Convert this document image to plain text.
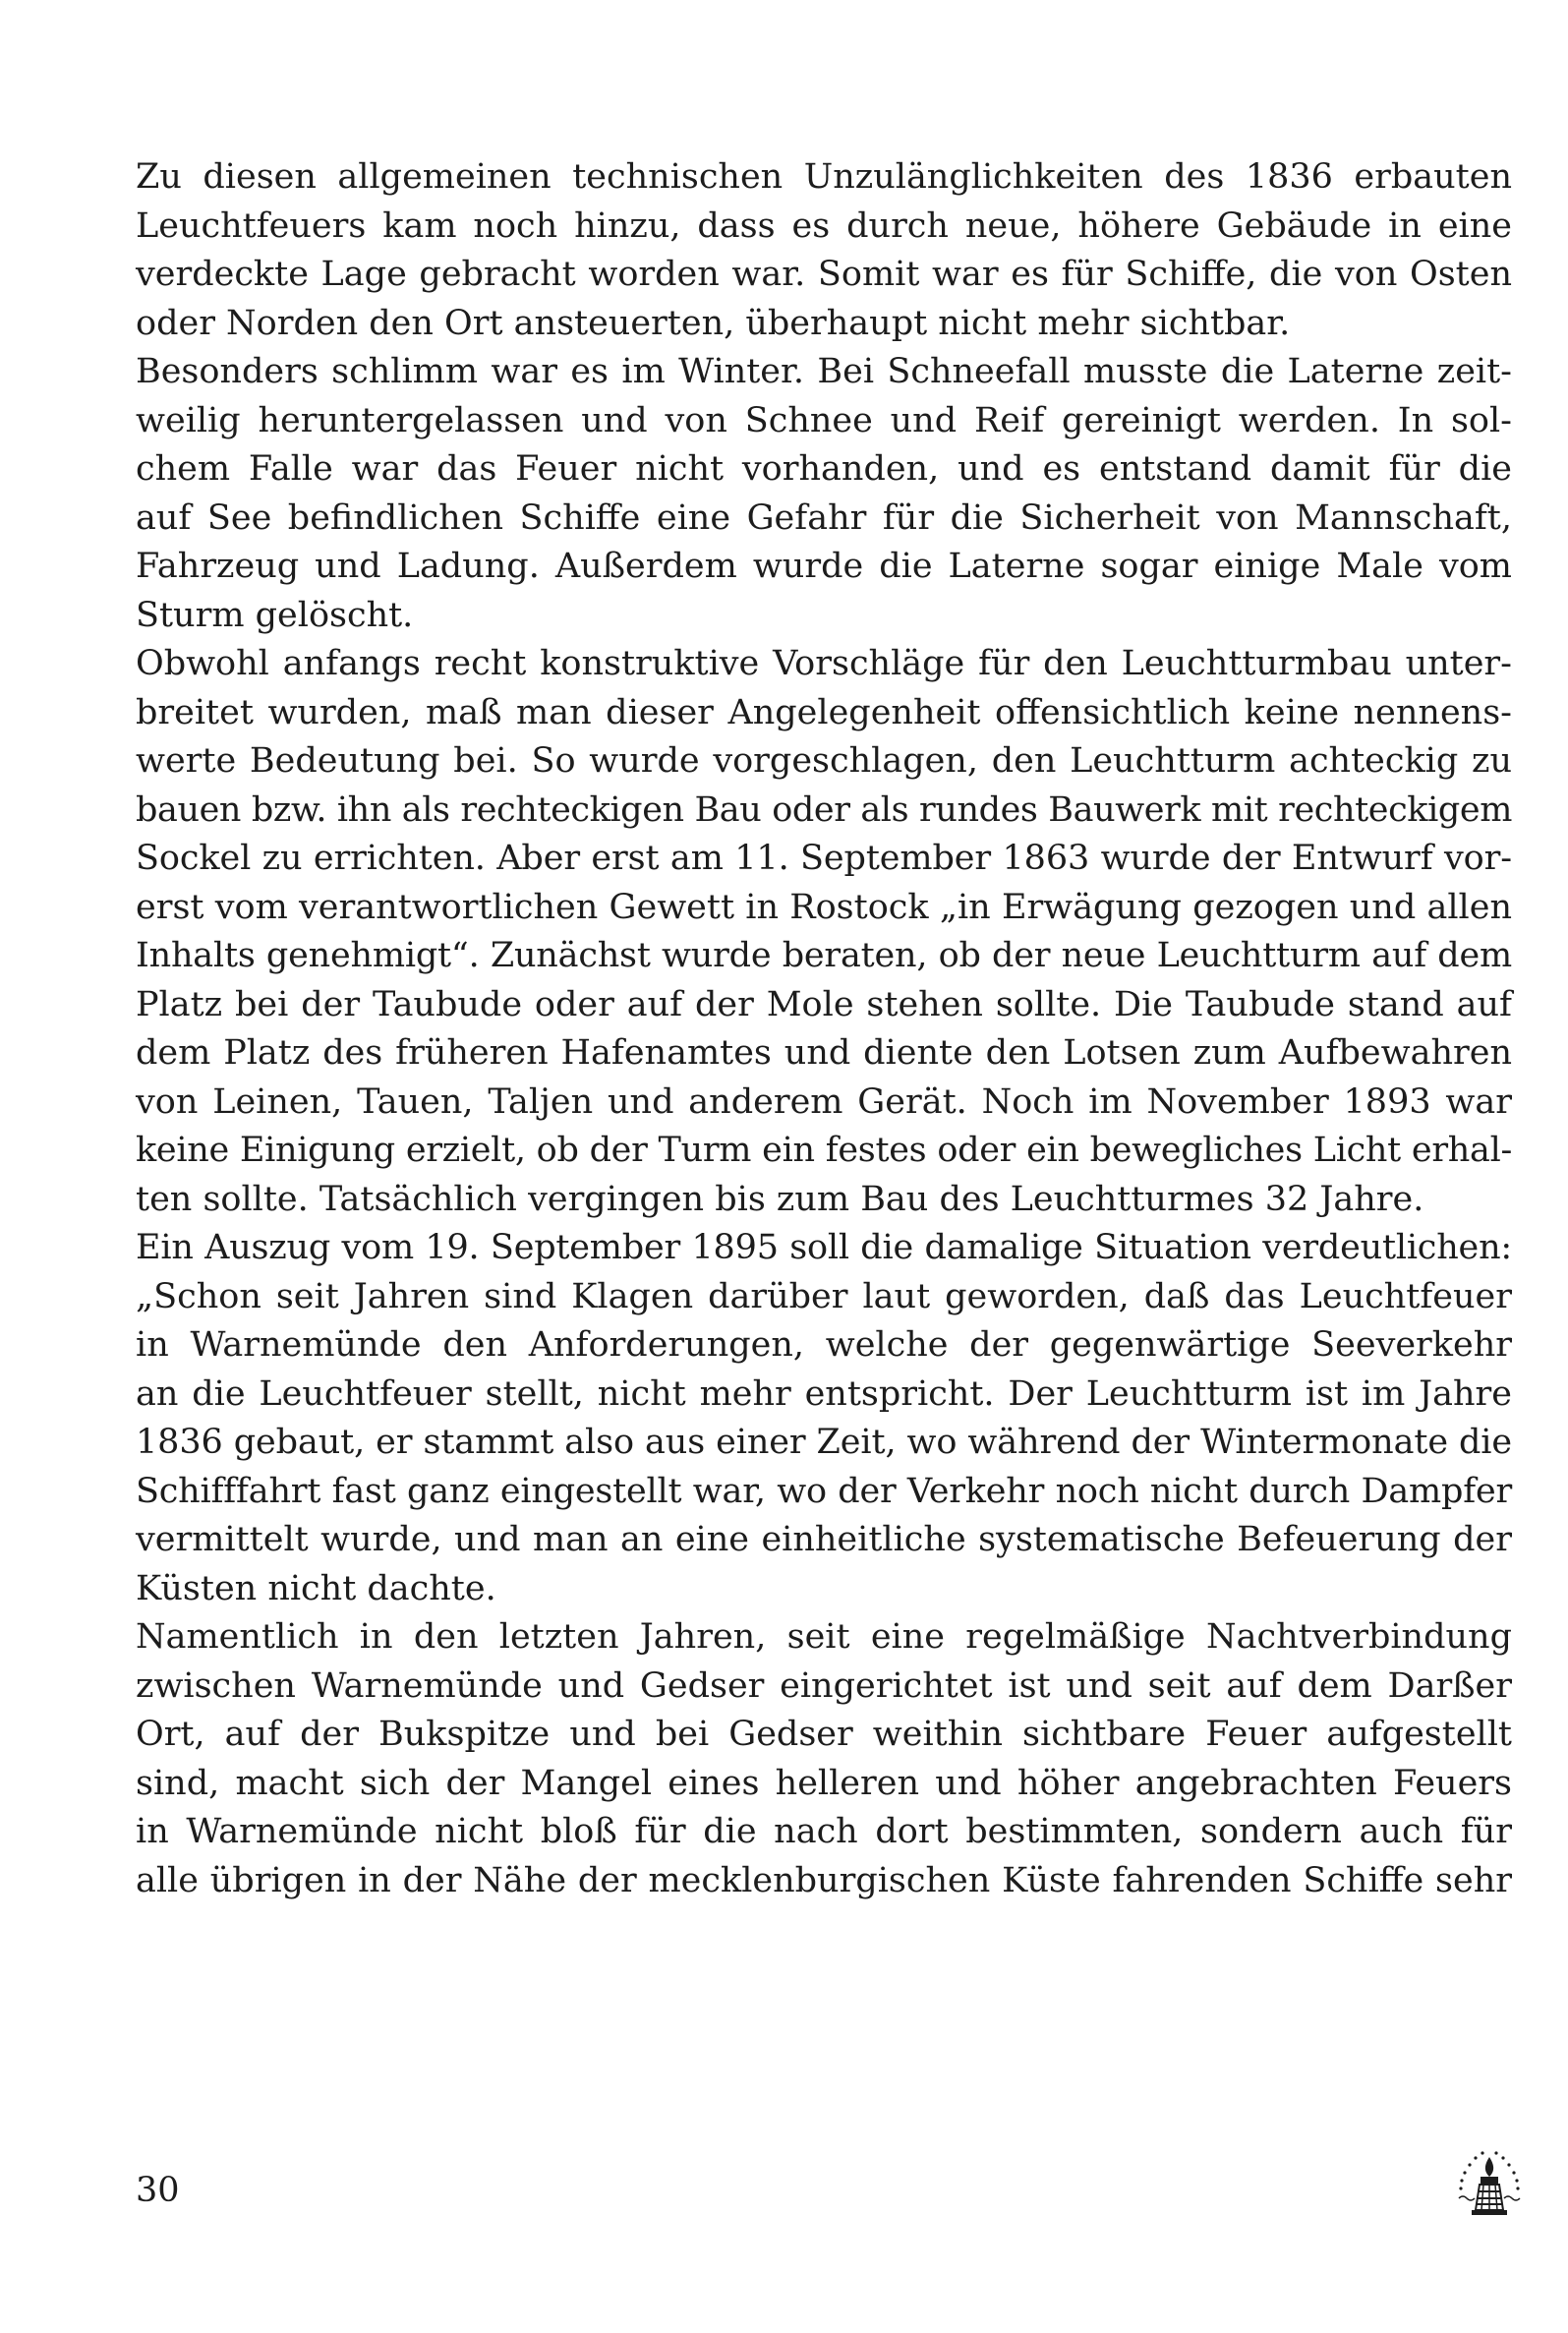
Zu diesen allgemeinen technischen Unzulänglichkeiten des 1836 erbauten
Leuchtfeuers kam noch hinzu, dass es durch neue, höhere Gebäude in eine
verdeckte Lage gebracht worden war. Somit war es für Schiffe, die von Osten
oder Norden den Ort ansteuerten, überhaupt nicht mehr sichtbar.
Besonders schlimm war es im Winter. Bei Schneefall musste die Laterne zeit-
weilig heruntergelassen und von Schnee und Reif gereinigt werden. In sol-
chem Falle war das Feuer nicht vorhanden, und es entstand damit für die
auf See befindlichen Schiffe eine Gefahr für die Sicherheit von Mannschaft,
Fahrzeug und Ladung. Außerdem wurde die Laterne sogar einige Male vom
Sturm gelöscht.
Obwohl anfangs recht konstruktive Vorschläge für den Leuchtturmbau unter-
breitet wurden, maß man dieser Angelegenheit offensichtlich keine nennens-
werte Bedeutung bei. So wurde vorgeschlagen, den Leuchtturm achteckig zu
bauen bzw. ihn als rechteckigen Bau oder als rundes Bauwerk mit rechteckigem
Sockel zu errichten. Aber erst am 11. September 1863 wurde der Entwurf vor-
erst vom verantwortlichen Gewett in Rostock „in Erwägung gezogen und allen
Inhalts genehmigt“. Zunächst wurde beraten, ob der neue Leuchtturm auf dem
Platz bei der Taubude oder auf der Mole stehen sollte. Die Taubude stand auf
dem Platz des früheren Hafenamtes und diente den Lotsen zum Aufbewahren
von Leinen, Tauen, Taljen und anderem Gerät. Noch im November 1893 war
keine Einigung erzielt, ob der Turm ein festes oder ein bewegliches Licht erhal-
ten sollte. Tatsächlich vergingen bis zum Bau des Leuchtturmes 32 Jahre.
Ein Auszug vom 19. September 1895 soll die damalige Situation verdeutlichen:
„Schon seit Jahren sind Klagen darüber laut geworden, daß das Leuchtfeuer
in Warnemünde den Anforderungen, welche der gegenwärtige Seeverkehr
an die Leuchtfeuer stellt, nicht mehr entspricht. Der Leuchtturm ist im Jahre
1836 gebaut, er stammt also aus einer Zeit, wo während der Wintermonate die
Schifffahrt fast ganz eingestellt war, wo der Verkehr noch nicht durch Dampfer
vermittelt wurde, und man an eine einheitliche systematische Befeuerung der
Küsten nicht dachte.
Namentlich in den letzten Jahren, seit eine regelmäßige Nachtverbindung
zwischen Warnemünde und Gedser eingerichtet ist und seit auf dem Darßer
Ort, auf der Bukspitze und bei Gedser weithin sichtbare Feuer aufgestellt
sind, macht sich der Mangel eines helleren und höher angebrachten Feuers
in Warnemünde nicht bloß für die nach dort bestimmten, sondern auch für
alle übrigen in der Nähe der mecklenburgischen Küste fahrenden Schiffe sehr
30
